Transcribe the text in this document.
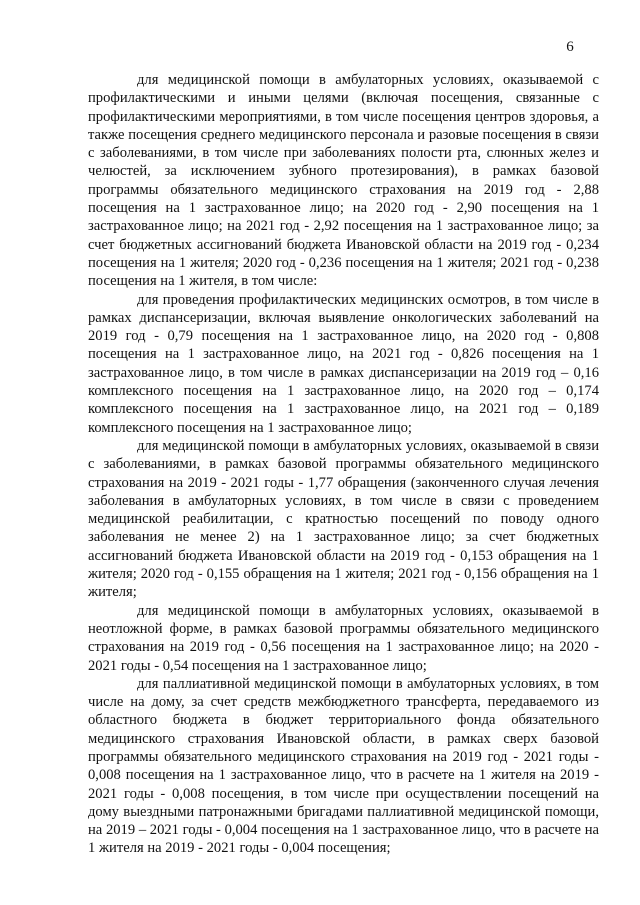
6

для медицинской помощи в амбулаторных условиях, оказываемой с профилактическими и иными целями (включая посещения, связанные с профилактическими мероприятиями, в том числе посещения центров здоровья, а также посещения среднего медицинского персонала и разовые посещения в связи с заболеваниями, в том числе при заболеваниях полости рта, слюнных желез и челюстей, за исключением зубного протезирования), в рамках базовой программы обязательного медицинского страхования на 2019 год - 2,88 посещения на 1 застрахованное лицо; на 2020 год - 2,90 посещения на 1 застрахованное лицо; на 2021 год - 2,92 посещения на 1 застрахованное лицо; за счет бюджетных ассигнований бюджета Ивановской области на 2019 год - 0,234 посещения на 1 жителя; 2020 год - 0,236 посещения на 1 жителя; 2021 год - 0,238 посещения на 1 жителя, в том числе:

для проведения профилактических медицинских осмотров, в том числе в рамках диспансеризации, включая выявление онкологических заболеваний на 2019 год - 0,79 посещения на 1 застрахованное лицо, на 2020 год - 0,808 посещения на 1 застрахованное лицо, на 2021 год - 0,826 посещения на 1 застрахованное лицо, в том числе в рамках диспансеризации на 2019 год – 0,16 комплексного посещения на 1 застрахованное лицо, на 2020 год – 0,174 комплексного посещения на 1 застрахованное лицо, на 2021 год – 0,189 комплексного посещения на 1 застрахованное лицо;

для медицинской помощи в амбулаторных условиях, оказываемой в связи с заболеваниями, в рамках базовой программы обязательного медицинского страхования на 2019 - 2021 годы - 1,77 обращения (законченного случая лечения заболевания в амбулаторных условиях, в том числе в связи с проведением медицинской реабилитации, с кратностью посещений по поводу одного заболевания не менее 2) на 1 застрахованное лицо; за счет бюджетных ассигнований бюджета Ивановской области на 2019 год - 0,153 обращения на 1 жителя; 2020 год - 0,155 обращения на 1 жителя; 2021 год - 0,156 обращения на 1 жителя;

для медицинской помощи в амбулаторных условиях, оказываемой в неотложной форме, в рамках базовой программы обязательного медицинского страхования на 2019 год - 0,56 посещения на 1 застрахованное лицо; на 2020 - 2021 годы - 0,54 посещения на 1 застрахованное лицо;

для паллиативной медицинской помощи в амбулаторных условиях, в том числе на дому, за счет средств межбюджетного трансферта, передаваемого из областного бюджета в бюджет территориального фонда обязательного медицинского страхования Ивановской области, в рамках сверх базовой программы обязательного медицинского страхования на 2019 год - 2021 годы - 0,008 посещения на 1 застрахованное лицо, что в расчете на 1 жителя на 2019 - 2021 годы - 0,008 посещения, в том числе при осуществлении посещений на дому выездными патронажными бригадами паллиативной медицинской помощи, на 2019 – 2021 годы - 0,004 посещения на 1 застрахованное лицо, что в расчете на 1 жителя на 2019 - 2021 годы - 0,004 посещения;
